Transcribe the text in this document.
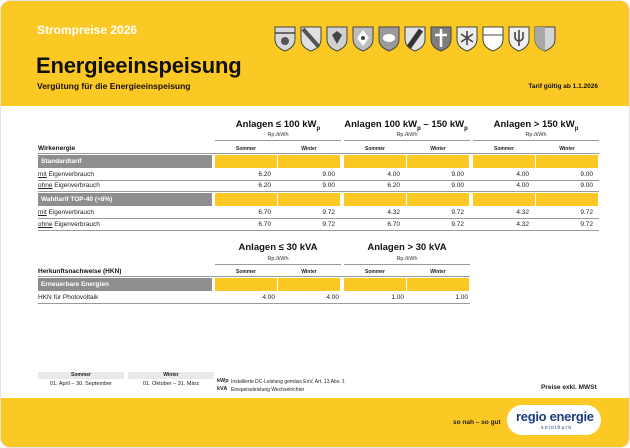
Strompreise 2026
Energieeinspeisung
Vergütung für die Energieeinspeisung	Tarif gültig ab 1.1.2026
Anlagen ≤ 100 $kW_p$	Anlagen 100 $kW_p - 150$ $kW_p$	Anlagen > 150 $kW_p$
Rp./kWh	Rp./kWh	Rp./kWh
Wirkenergie	Sommer	Winter	Sommer	Winter	Sommer	Winter
Standardtarif
mit Eigenverbrauch	6.20	9.00	4.00	9.00	4.00	9.00
ohne Eigenverbrauch	6.20	9.00	6.20	9.00	4.00	9.00
Wahltarif TOP-40 (+8%)
mit Eigenverbrauch	6.70	9.72	4.32	9.72	4.32	9.72
ohne Eigenverbrauch	6.70	9.72	6.70	9.72	4.32	9.72
Anlagen ≤ 30 kVA	Anlagen > 30 kVA
Rp./kWh	Rp./kWh
Herkunftsnachweise (HKN)	Sommer	Winter	Sommer	Winter
Erneuerbare Energien
HKN für Photovoltaik	4.00	4.00	1.00	1.00
Sommer
01. April – 30. September
Winter
01. Oktober – 31. März	kWp Installierte DC-Leistung gemäss EnV, Art. 13 Abs. 1
kVA Einspeiseleistung Wechselrichter	Preise exkl. MWSt
so nah – so gut regio energie
solothurn
